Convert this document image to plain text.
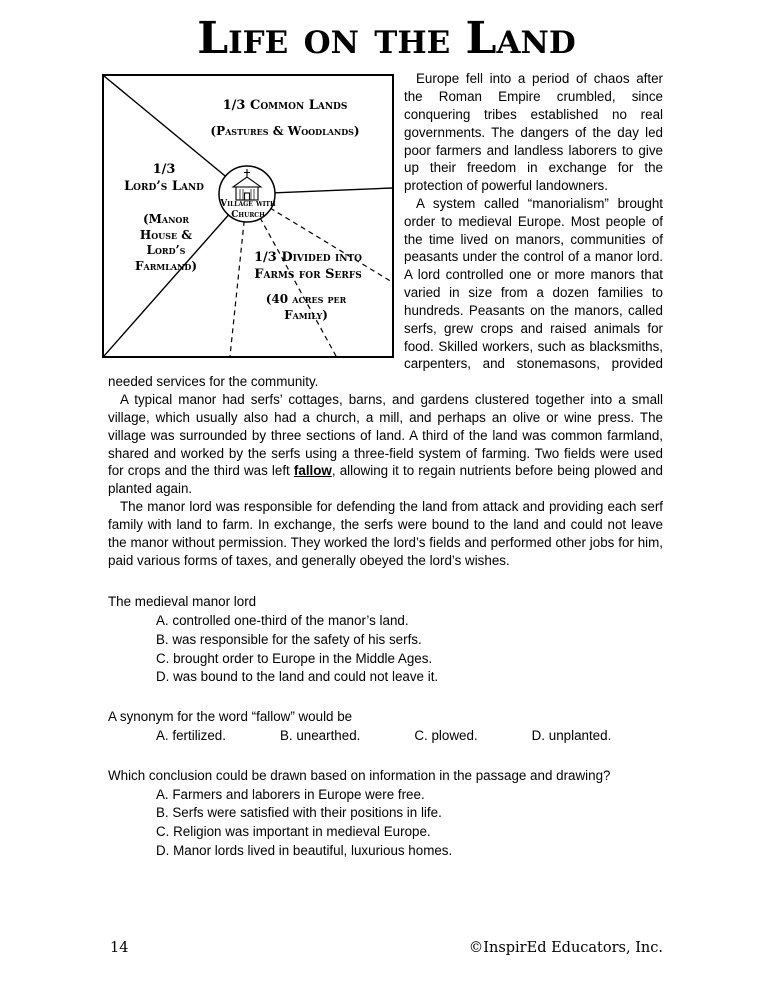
Life on the Land
1/3 Common Lands
(Pastures & Woodlands)
1/3
Lord’s Land
(Manor House & Lord’s Farmland)
Village with Church
1/3 Divided into Farms for Serfs
(40 acres per Family)

Europe fell into a period of chaos after the Roman Empire crumbled, since conquering tribes established no real governments. The dangers of the day led poor farmers and landless laborers to give up their freedom in exchange for the protection of powerful landowners.

A system called “manorialism” brought order to medieval Europe. Most people of the time lived on manors, communities of peasants under the control of a manor lord. A lord controlled one or more manors that varied in size from a dozen families to hundreds. Peasants on the manors, called serfs, grew crops and raised animals for food. Skilled workers, such as blacksmiths, carpenters, and stonemasons, provided needed services for the community.

A typical manor had serfs’ cottages, barns, and gardens clustered together into a small village, which usually also had a church, a mill, and perhaps an olive or wine press. The village was surrounded by three sections of land. A third of the land was common farmland, shared and worked by the serfs using a three-field system of farming. Two fields were used for crops and the third was left fallow, allowing it to regain nutrients before being plowed and planted again.

The manor lord was responsible for defending the land from attack and providing each serf family with land to farm. In exchange, the serfs were bound to the land and could not leave the manor without permission. They worked the lord’s fields and performed other jobs for him, paid various forms of taxes, and generally obeyed the lord’s wishes.

The medieval manor lord
A. controlled one-third of the manor’s land.
B. was responsible for the safety of his serfs.
C. brought order to Europe in the Middle Ages.
D. was bound to the land and could not leave it.
A synonym for the word “fallow” would be
A. fertilized.	B. unearthed.	C. plowed.	D. unplanted.
Which conclusion could be drawn based on information in the passage and drawing?
A. Farmers and laborers in Europe were free.
B. Serfs were satisfied with their positions in life.
C. Religion was important in medieval Europe.
D. Manor lords lived in beautiful, luxurious homes.
14	©InspirEd Educators, Inc.
